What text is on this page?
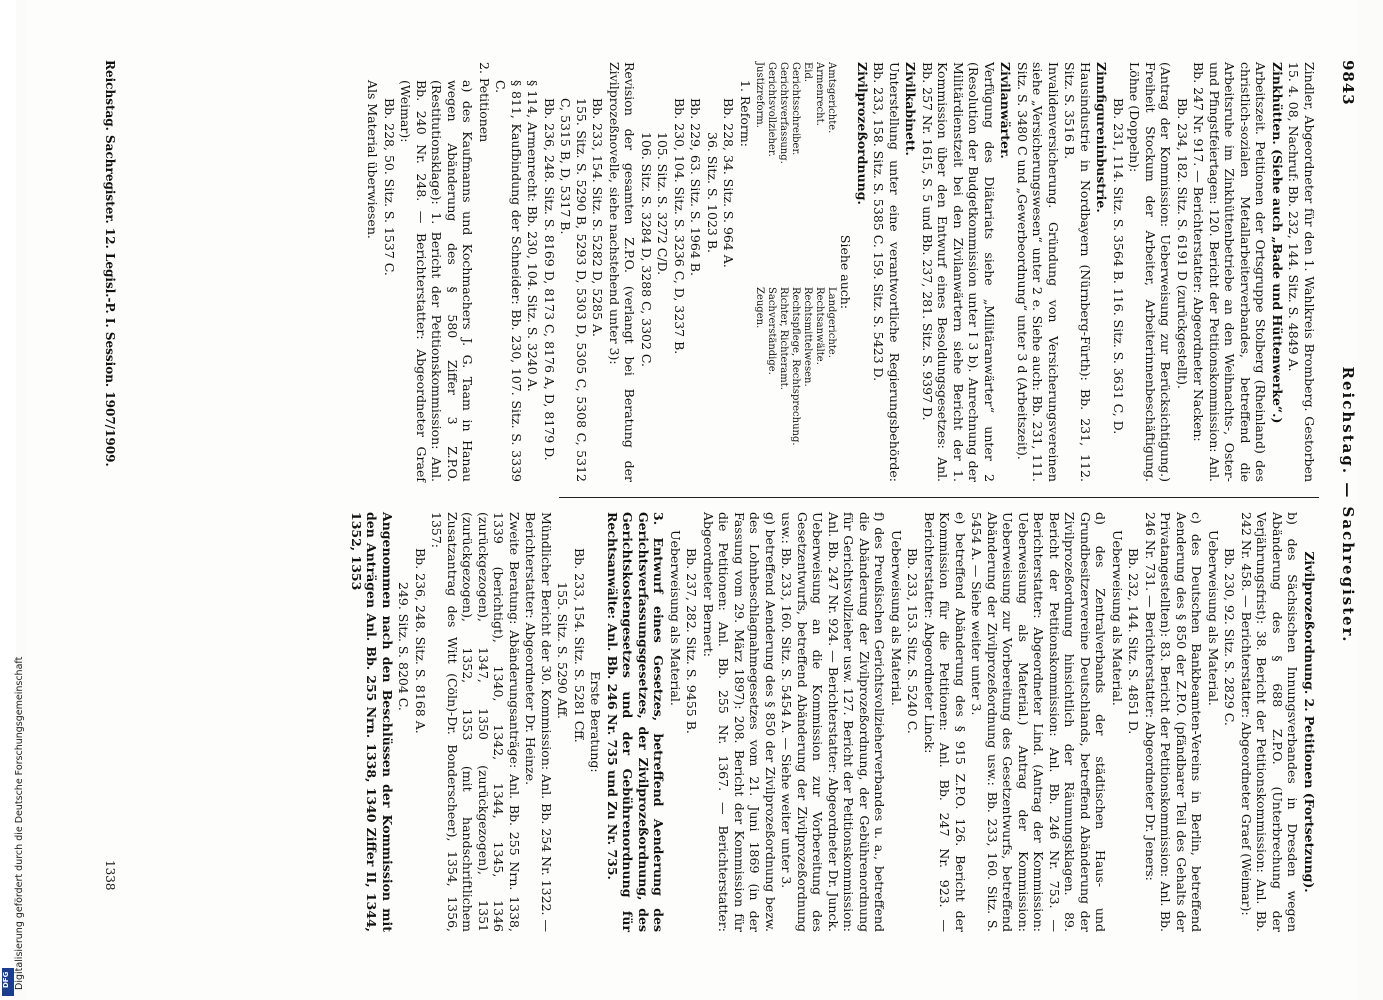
Reichstag. — Sachregister.
9843

Zindler, Abgeordneter für den 1. Wahlkreis Bromberg. Gestorben 15. 4. 08, Nachruf: Bb. 232, 144. Sitz. S. 4849 A.

Zinkhütten. (Siehe auch „Bade und Hüttenwerke“.)

Arbeitszeit. Petitionen der Ortsgruppe Stolberg (Rheinland) des christlich-sozialen Metallarbeiterverbandes, betreffend die Arbeitsruhe im Zinkhüttenbetriebe an den Weihnachts-, Oster- und Pfingstfeiertagen: 120. Bericht der Petitionskommission: Anl. Bb. 247 Nr. 917. — Berichterstatter: Abgeordneter Nacken:

Bb. 234, 182. Sitz. S. 6191 D (zurückgestellt).

(Antrag der Kommission: Ueberweisung zur Berücksichtigung.) Freiheit Stockum der Arbeiter, Arbeiterinnenbeschäftigung. Löhne (Doppeln):

Bb. 231, 114. Sitz. S. 3564 B. 116. Sitz. S. 3631 C, D.

Zinnfigureninbustrie.

Hausindustrie in Nordbayern (Nürnberg-Fürth): Bb. 231, 112. Sitz. S. 3516 B.

Invalidenversicherung. Gründung von Versicherungsvereinen siehe „Versicherungswesen“ unter 2 e. Siehe auch: Bb. 231, 111. Sitz. S. 3480 C und „Gewerbeordnung“ unter 3 d (Arbeitszeit).

Zivilanwärter.

Verfügung des Diätariats siehe „Militäranwärter“ unter 2 (Resolution der Budgetkommission unter I 3 b). Anrechnung der Militärdienstzeit bei den Zivilanwärtern siehe Bericht der 1. Kommission über den Entwurf eines Besoldungsgesetzes: Anl. Bb. 257 Nr. 1615, S. 5 und Bb. 237, 281. Sitz. S. 9397 D.

Zivilkabinett.

Unterstellung unter eine verantwortliche Regierungsbehörde: Bb. 233, 158. Sitz. S. 5385 C. 159. Sitz. S. 5423 D.

Zivilprozeßordnung.

Siehe auch:

Amtsgerichte.
Armenrecht.
Eid.
Gerichtsschreiber.
Gerichtsverfassung.
Gerichtsvollzieher.
Justizreform.
Landgerichte.
Rechtsanwälte.
Rechtsmittelwesen.
Rechtspflege, Rechtsprechung.
Richter, Richteramt.
Sachverständige.
Zeugen.

1. Reform:

Bb. 228, 34. Sitz. S. 964 A.

36. Sitz. S. 1023 B.

Bb. 229, 63. Sitz. S. 1964 B.

Bb. 230, 104. Sitz. S. 3236 C, D, 3237 B.

105. Sitz. S. 3272 C/D.

106. Sitz. S. 3284 D, 3288 C, 3302 C.

Revision der gesamten Z.P.O. (verlangt bei Beratung der Zivilprozeßnovelle, siehe nachstehend unter 3):

Bb. 233, 154. Sitz. S. 5282 D, 5285 A.

155. Sitz. S. 5290 B, 5293 D, 5303 D, 5305 C, 5308 C, 5312 C, 5315 B, D, 5317 B.

Bb. 236, 248. Sitz. S. 8169 D, 8173 C, 8176 A, D, 8179 D.

§ 114, Armenrecht: Bb. 230, 104. Sitz. S. 3240 A.

§ 811, Kaufbindung der Schneider: Bb. 230, 107. Sitz. S. 3339 C.

2. Petitionen

a) des Kaufmanns und Kochmachers J. G. Taam in Hanau wegen Abänderung des § 580 Ziffer 3 Z.P.O. (Restitutionsklage): 1. Bericht der Petitionskommission: Anl. Bb. 240 Nr. 248. — Berichterstatter: Abgeordneter Graef (Weimar):

Bb. 228, 50. Sitz. S. 1537 C.

Als Material überwiesen.

Zivilprozeßordnung. 2. Petitionen (Fortsetzung).

b) des Sächsischen Innungsverbandes in Dresden wegen Abänderung des § 688 Z.P.O. (Unterbrechung der Verjährungsfrist): 38. Bericht der Petitionskommission: Anl. Bb. 242 Nr. 458. — Berichterstatter: Abgeordneter Graef (Weimar):

Bb. 230, 92. Sitz. S. 2829 C.

Ueberweisung als Material.

c) des Deutschen Bankbeamten-Vereins in Berlin, betreffend Aenderung des § 850 der Z.P.O. (pfändbarer Teil des Gehalts der Privatangestellten): 83. Bericht der Petitionskommission: Anl. Bb. 246 Nr. 731. — Berichterstatter: Abgeordneter Dr. Jeners:

Bb. 232, 144. Sitz. S. 4851 D.

Ueberweisung als Material.

d) des Zentralverbands der städtischen Haus- und Grundbesitzervereine Deutschlands, betreffend Abänderung der Zivilprozeßordnung hinsichtlich der Räumungsklagen. 89. Bericht der Petitionskommission: Anl. Bb. 246 Nr. 753. — Berichterstatter: Abgeordneter Lind. (Antrag der Kommission: Ueberweisung als Material.) Antrag der Kommission: Ueberweisung zur Vorbereitung des Gesetzentwurfs, betreffend Abänderung der Zivilprozeßordnung usw.: Bb. 233, 160. Sitz. S. 5454 A. — Siehe weiter unter 3.

e) betreffend Abänderung des § 915 Z.P.O. 126. Bericht der Kommission für die Petitionen: Anl. Bb. 247 Nr. 923. — Berichterstatter: Abgeordneter Linck:

Bb. 233, 153. Sitz. S. 5240 C.

Ueberweisung als Material.

f) des Preußischen Gerichtsvollzieherverbandes u. a., betreffend die Abänderung der Zivilprozeßordnung, der Gebührenordnung für Gerichtsvollzieher usw. 127. Bericht der Petitionskommission: Anl. Bb. 247 Nr. 924. — Berichterstatter: Abgeordneter Dr. Junck. Ueberweisung an die Kommission zur Vorbereitung des Gesetzentwurfs, betreffend Abänderung der Zivilprozeßordnung usw.: Bb. 233, 160. Sitz. S. 5454 A. — Siehe weiter unter 3.

g) betreffend Aenderung des § 850 der Zivilprozeßordnung bezw. des Lohnbeschlagnahmegesetzes vom 21. Juni 1869 (in der Fassung vom 29. März 1897): 208. Bericht der Kommission für die Petitionen: Anl. Bb. 255 Nr. 1367. — Berichterstatter: Abgeordneter Bernert:

Bb. 237, 282. Sitz. S. 9455 B.

Ueberweisung als Material.

3. Entwurf eines Gesetzes, betreffend Aenderung des Gerichtsverfassungsgesetzes, der Zivilprozeßordnung, des Gerichtskostengesetzes und der Gebührenordnung für Rechtsanwälte: Anl. Bb. 246 Nr. 735 und Zu Nr. 735.

Erste Beratung:

Bb. 233, 154. Sitz. S. 5281 Cff.

155. Sitz. S. 5290 Aff.

Mündlicher Bericht der 30. Kommission: Anl. Bb. 254 Nr. 1322. — Berichterstatter: Abgeordneter Dr. Heinze.

Zweite Beratung: Abänderungsanträge: Anl. Bb. 255 Nrn. 1338, 1339 (berichtigt), 1340, 1342, 1344, 1345, 1346 (zurückgezogen), 1347, 1350 (zurückgezogen), 1351 (zurückgezogen), 1352, 1353 (mit handschriftlichem Zusatzantrag des Witt (Cöln)-Dr. Bonderscheer), 1354, 1356, 1357:

Bb. 236, 248. Sitz. S. 8168 A.

249. Sitz. S. 8204 C.

Angenommen nach den Beschlüssen der Kommission mit den Anträgen Anl. Bb. 255 Nrn. 1338, 1340 Ziffer II, 1344, 1352, 1353

Reichstag. Sachregister. 12. Legisl.-P. I. Session. 1907/1909.
1338
Digitalisierung gefördert durch die Deutsche Forschungsgemeinschaft
DFG
